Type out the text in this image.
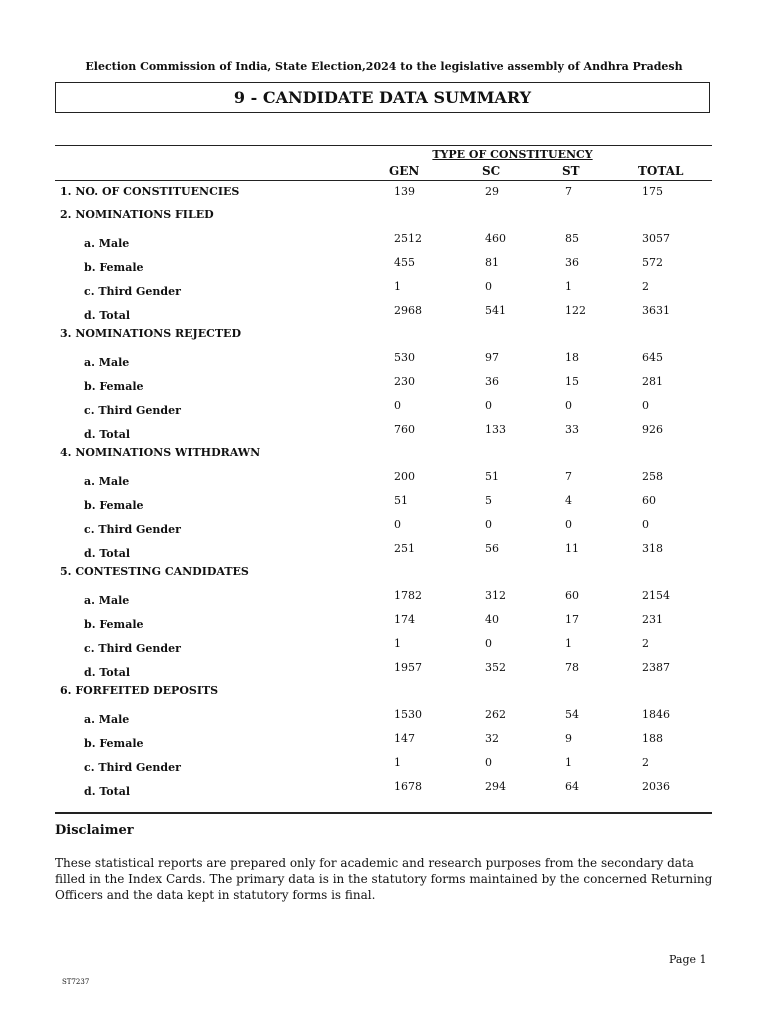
Election Commission of India, State Election,2024 to the legislative assembly of Andhra Pradesh
9 - CANDIDATE DATA SUMMARY
TYPE OF CONSTITUENCY
GEN	SC	ST	TOTAL
1. NO. OF CONSTITUENCIES	139	29	7	175
2. NOMINATIONS FILED
a. Male	2512	460	85	3057
b. Female	455	81	36	572
c. Third Gender	1	0	1	2
d. Total	2968	541	122	3631
3. NOMINATIONS REJECTED
a. Male	530	97	18	645
b. Female	230	36	15	281
c. Third Gender	0	0	0	0
d. Total	760	133	33	926
4. NOMINATIONS WITHDRAWN
a. Male	200	51	7	258
b. Female	51	5	4	60
c. Third Gender	0	0	0	0
d. Total	251	56	11	318
5. CONTESTING CANDIDATES
a. Male	1782	312	60	2154
b. Female	174	40	17	231
c. Third Gender	1	0	1	2
d. Total	1957	352	78	2387
6. FORFEITED DEPOSITS
a. Male	1530	262	54	1846
b. Female	147	32	9	188
c. Third Gender	1	0	1	2
d. Total	1678	294	64	2036
Disclaimer
These statistical reports are prepared only for academic and research purposes from the secondary data filled in the Index Cards. The primary data is in the statutory forms maintained by the concerned Returning Officers and the data kept in statutory forms is final.
Page 1
ST7237
